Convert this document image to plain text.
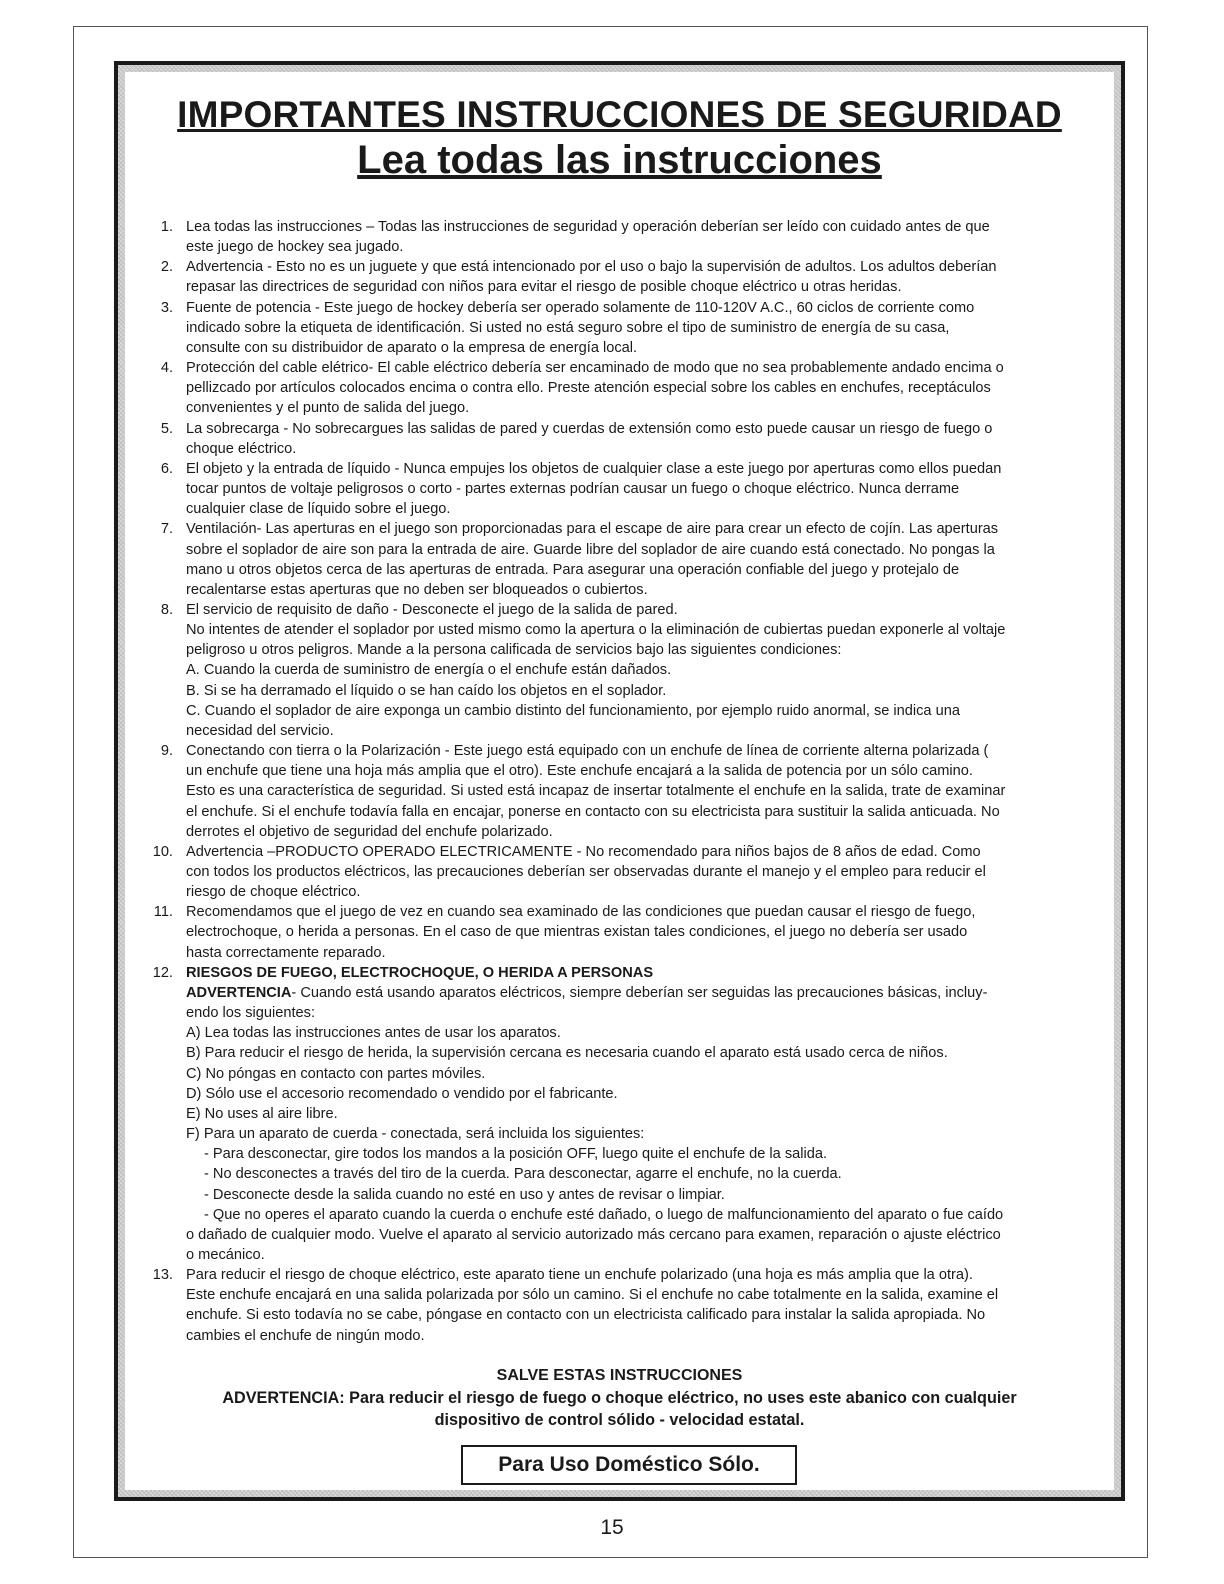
IMPORTANTES INSTRUCCIONES DE SEGURIDAD
Lea todas las instrucciones
1. Lea todas las instrucciones – Todas las instrucciones de seguridad y operación deberían ser leído con cuidado antes de que

este juego de hockey sea jugado.

2. Advertencia - Esto no es un juguete y que está intencionado por el uso o bajo la supervisión de adultos. Los adultos deberían

repasar las directrices de seguridad con niños para evitar el riesgo de posible choque eléctrico u otras heridas.

3. Fuente de potencia - Este juego de hockey debería ser operado solamente de 110-120V A.C., 60 ciclos de corriente como

indicado sobre la etiqueta de identificación. Si usted no está seguro sobre el tipo de suministro de energía de su casa,

consulte con su distribuidor de aparato o la empresa de energía local.

4. Protección del cable elétrico- El cable eléctrico debería ser encaminado de modo que no sea probablemente andado encima o

pellizcado por artículos colocados encima o contra ello. Preste atención especial sobre los cables en enchufes, receptáculos

convenientes y el punto de salida del juego.

5. La sobrecarga - No sobrecargues las salidas de pared y cuerdas de extensión como esto puede causar un riesgo de fuego o

choque eléctrico.

6. El objeto y la entrada de líquido - Nunca empujes los objetos de cualquier clase a este juego por aperturas como ellos puedan

tocar puntos de voltaje peligrosos o corto - partes externas podrían causar un fuego o choque eléctrico. Nunca derrame

cualquier clase de líquido sobre el juego.

7. Ventilación- Las aperturas en el juego son proporcionadas para el escape de aire para crear un efecto de cojín. Las aperturas

sobre el soplador de aire son para la entrada de aire. Guarde libre del soplador de aire cuando está conectado. No pongas la

mano u otros objetos cerca de las aperturas de entrada. Para asegurar una operación confiable del juego y protejalo de

recalentarse estas aperturas que no deben ser bloqueados o cubiertos.

8. El servicio de requisito de daño - Desconecte el juego de la salida de pared.

No intentes de atender el soplador por usted mismo como la apertura o la eliminación de cubiertas puedan exponerle al voltaje

peligroso u otros peligros. Mande a la persona calificada de servicios bajo las siguientes condiciones:

A. Cuando la cuerda de suministro de energía o el enchufe están dañados.

B. Si se ha derramado el líquido o se han caído los objetos en el soplador.

C. Cuando el soplador de aire exponga un cambio distinto del funcionamiento, por ejemplo ruido anormal, se indica una

necesidad del servicio.

9. Conectando con tierra o la Polarización - Este juego está equipado con un enchufe de línea de corriente alterna polarizada (

un enchufe que tiene una hoja más amplia que el otro). Este enchufe encajará a la salida de potencia por un sólo camino.

Esto es una característica de seguridad. Si usted está incapaz de insertar totalmente el enchufe en la salida, trate de examinar

el enchufe. Si el enchufe todavía falla en encajar, ponerse en contacto con su electricista para sustituir la salida anticuada. No

derrotes el objetivo de seguridad del enchufe polarizado.

10. Advertencia –PRODUCTO OPERADO ELECTRICAMENTE - No recomendado para niños bajos de 8 años de edad. Como

con todos los productos eléctricos, las precauciones deberían ser observadas durante el manejo y el empleo para reducir el

riesgo de choque eléctrico.

11. Recomendamos que el juego de vez en cuando sea examinado de las condiciones que puedan causar el riesgo de fuego,

electrochoque, o herida a personas. En el caso de que mientras existan tales condiciones, el juego no debería ser usado

hasta correctamente reparado.

12. RIESGOS DE FUEGO, ELECTROCHOQUE, O HERIDA A PERSONAS

ADVERTENCIA- Cuando está usando aparatos eléctricos, siempre deberían ser seguidas las precauciones básicas, incluy-

endo los siguientes:

A) Lea todas las instrucciones antes de usar los aparatos.

B) Para reducir el riesgo de herida, la supervisión cercana es necesaria cuando el aparato está usado cerca de niños.

C) No póngas en contacto con partes móviles.

D) Sólo use el accesorio recomendado o vendido por el fabricante.

E) No uses al aire libre.

F) Para un aparato de cuerda - conectada, será incluida los siguientes:

- Para desconectar, gire todos los mandos a la posición OFF, luego quite el enchufe de la salida.

- No desconectes a través del tiro de la cuerda. Para desconectar, agarre el enchufe, no la cuerda.

- Desconecte desde la salida cuando no esté en uso y antes de revisar o limpiar.

- Que no operes el aparato cuando la cuerda o enchufe esté dañado, o luego de malfuncionamiento del aparato o fue caído

o dañado de cualquier modo. Vuelve el aparato al servicio autorizado más cercano para examen, reparación o ajuste eléctrico

o mecánico.

13. Para reducir el riesgo de choque eléctrico, este aparato tiene un enchufe polarizado (una hoja es más amplia que la otra).

Este enchufe encajará en una salida polarizada por sólo un camino. Si el enchufe no cabe totalmente en la salida, examine el

enchufe. Si esto todavía no se cabe, póngase en contacto con un electricista calificado para instalar la salida apropiada. No

cambies el enchufe de ningún modo.

SALVE ESTAS INSTRUCCIONES
ADVERTENCIA: Para reducir el riesgo de fuego o choque eléctrico, no uses este abanico con cualquier
dispositivo de control sólido - velocidad estatal.
Para Uso Doméstico Sólo.
15
